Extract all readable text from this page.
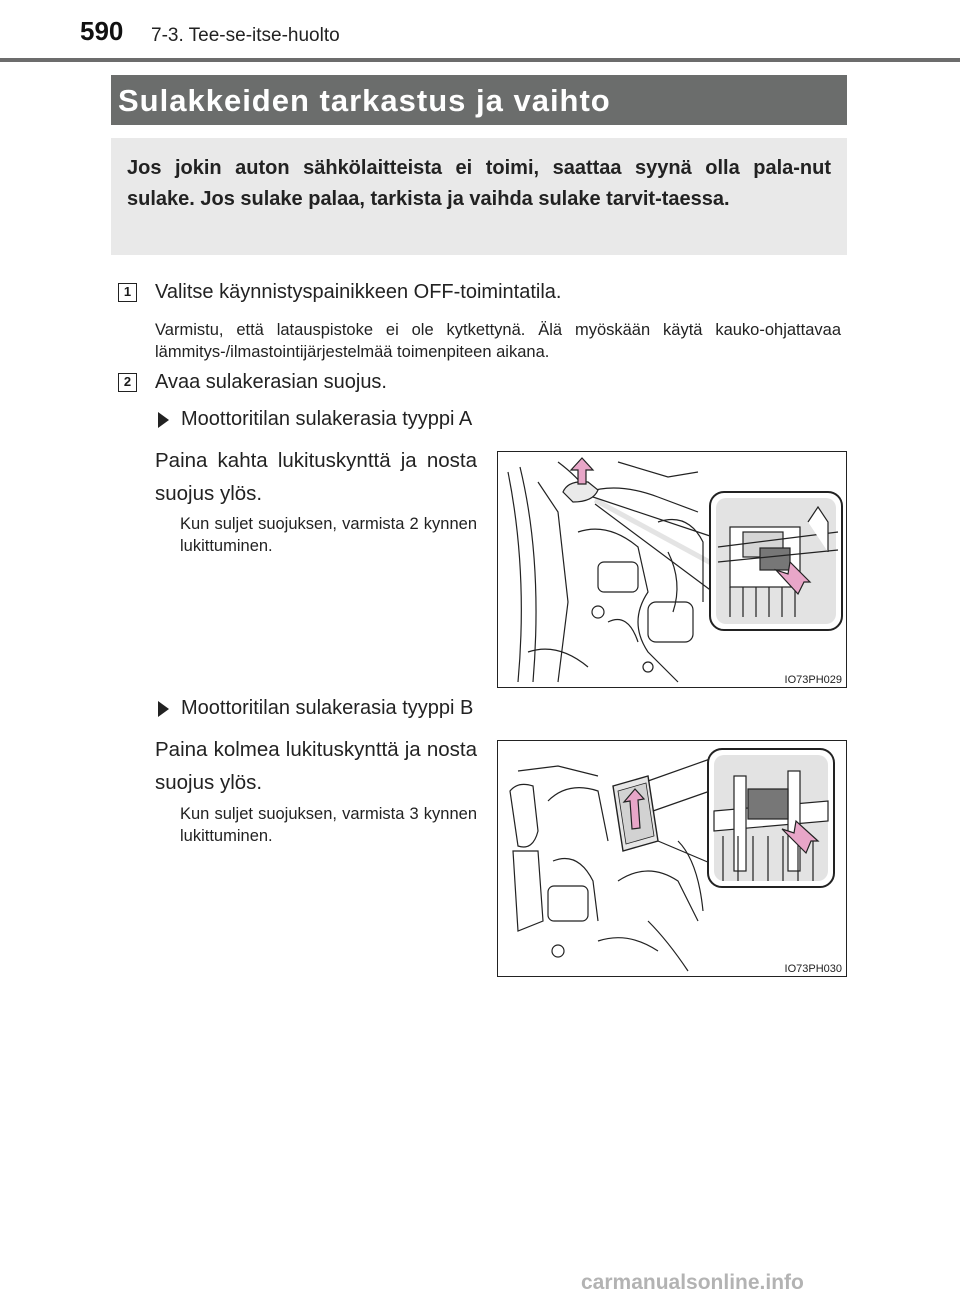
590 7-3. Tee-se-itse-huolto
Sulakkeiden tarkastus ja vaihto
Jos jokin auton sähkölaitteista ei toimi, saattaa syynä olla pala-nut sulake. Jos sulake palaa, tarkista ja vaihda sulake tarvit-taessa.
1 Valitse käynnistyspainikkeen OFF-toimintatila.
Varmistu, että latauspistoke ei ole kytkettynä. Älä myöskään käytä kauko-ohjattavaa lämmitys-/ilmastointijärjestelmää toimenpiteen aikana.
2 Avaa sulakerasian suojus.
Moottoritilan sulakerasia tyyppi A
Paina kahta lukituskynttä ja nosta suojus ylös.
Kun suljet suojuksen, varmista 2 kynnen lukittuminen.
IO73PH029
Moottoritilan sulakerasia tyyppi B
Paina kolmea lukituskynttä ja nosta suojus ylös.
Kun suljet suojuksen, varmista 3 kynnen lukittuminen.
IO73PH030
carmanualsonline.info
